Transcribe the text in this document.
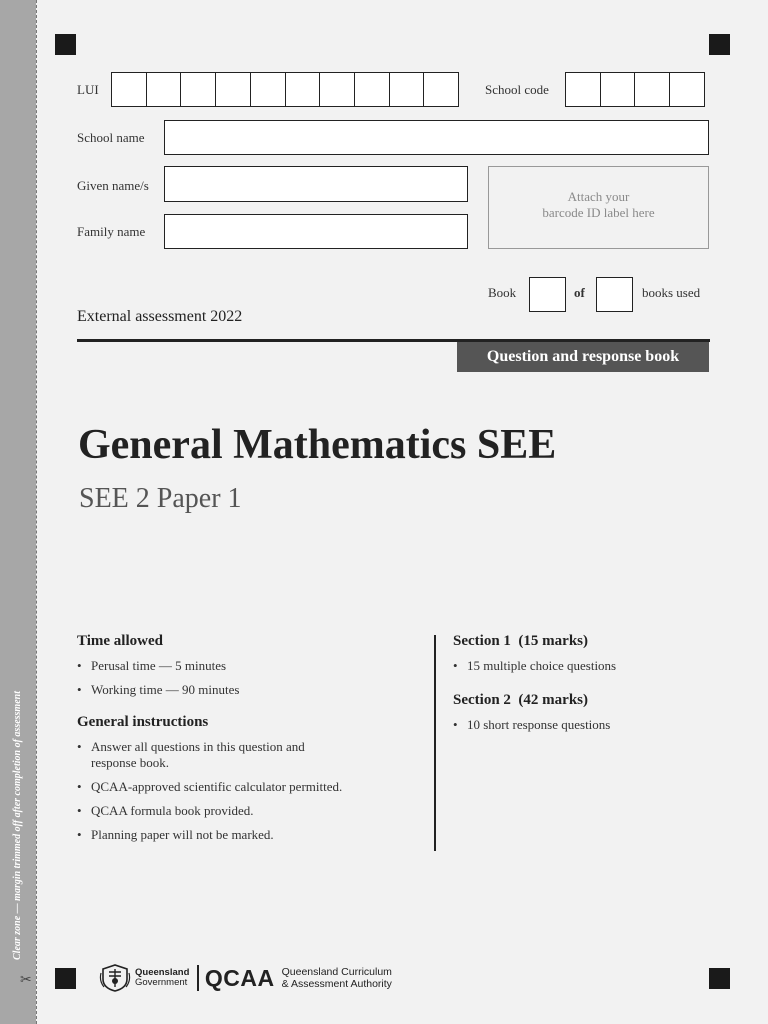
Clear zone — margin trimmed off after completion of assessment
✂
LUI	School code
School name
Given name/s
Family name
Attach your
barcode ID label here
Book	of	books used
External assessment 2022
Question and response book
General Mathematics SEE
SEE 2 Paper 1
Time allowed
• Perusal time — 5 minutes
• Working time — 90 minutes
General instructions
• Answer all questions in this question and response book.
• QCAA-approved scientific calculator permitted.
• QCAA formula book provided.
• Planning paper will not be marked.
Section 1 (15 marks)
• 15 multiple choice questions
Section 2 (42 marks)
• 10 short response questions
Queensland
Government QCAA Queensland Curriculum
& Assessment Authority
